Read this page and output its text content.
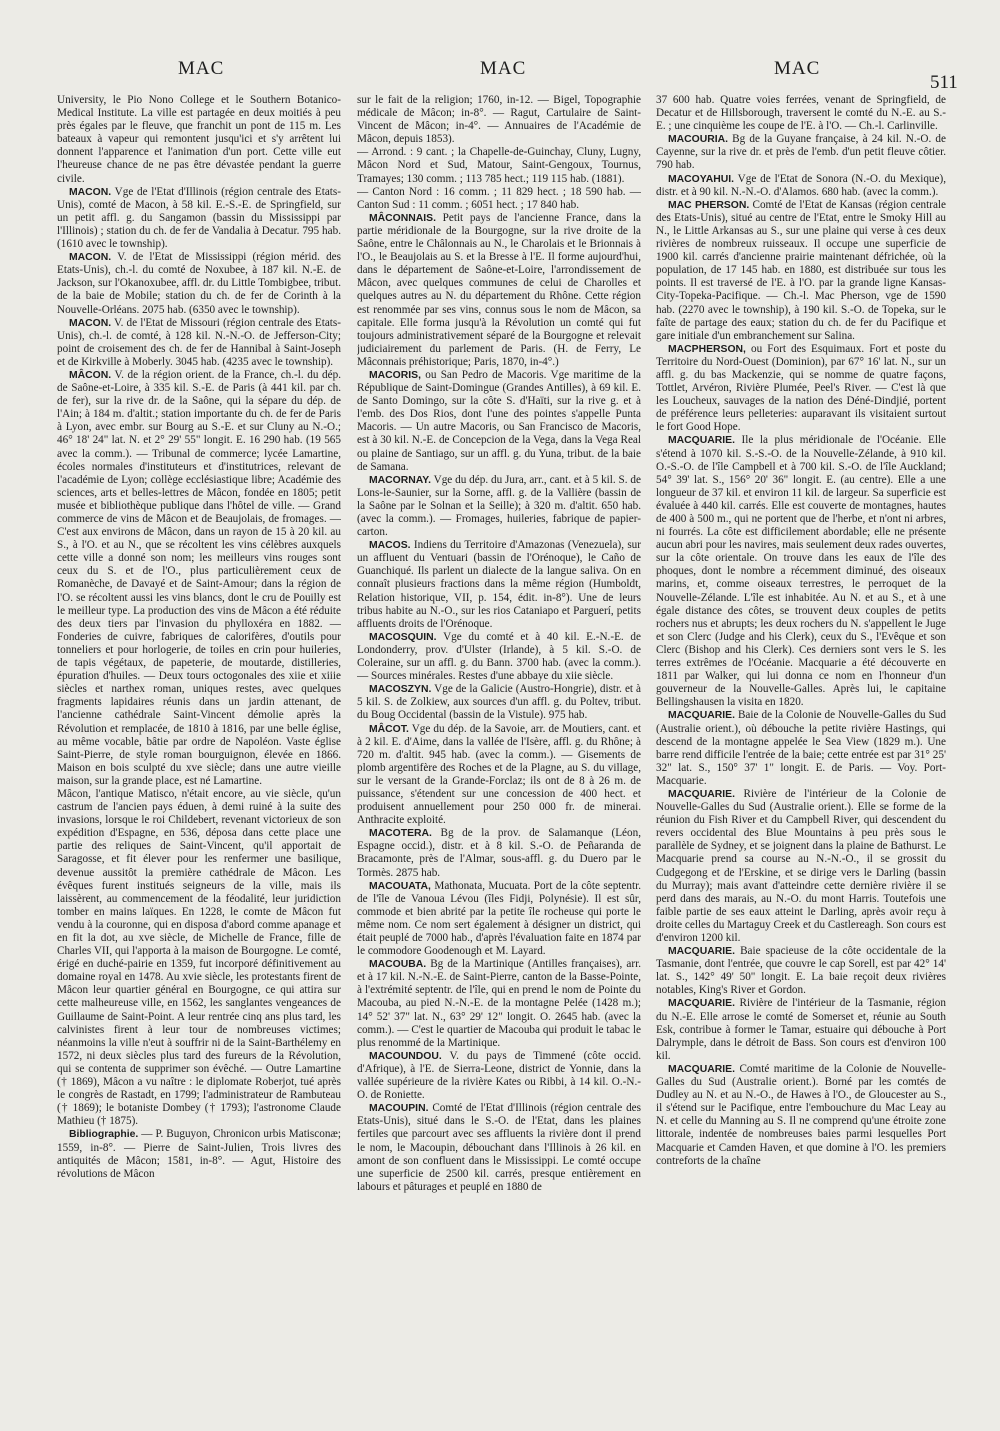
MAC	MAC	MAC
511

University, le Pio Nono College et le Southern Botanico-Medical Institute. La ville est partagée en deux moitiés à peu près égales par le fleuve, que franchit un pont de 115 m. Les bateaux à vapeur qui remontent jusqu'ici et s'y arrêtent lui donnent l'apparence et l'animation d'un port. Cette ville eut l'heureuse chance de ne pas être dévastée pendant la guerre civile.

MACON. Vge de l'Etat d'Illinois (région centrale des Etats-Unis), comté de Macon, à 58 kil. E.-S.-E. de Springfield, sur un petit affl. g. du Sangamon (bassin du Mississippi par l'Illinois) ; station du ch. de fer de Vandalia à Decatur. 795 hab. (1610 avec le township).

MACON. V. de l'Etat de Mississippi (région mérid. des Etats-Unis), ch.-l. du comté de Noxubee, à 187 kil. N.-E. de Jackson, sur l'Okanoxubee, affl. dr. du Little Tombigbee, tribut. de la baie de Mobile; station du ch. de fer de Corinth à la Nouvelle-Orléans. 2075 hab. (6350 avec le township).

MACON. V. de l'Etat de Missouri (région centrale des Etats-Unis), ch.-l. de comté, à 128 kil. N.-N.-O. de Jefferson-City; point de croisement des ch. de fer de Hannibal à Saint-Joseph et de Kirkville à Moberly. 3045 hab. (4235 avec le township).

MÂCON. V. de la région orient. de la France, ch.-l. du dép. de Saône-et-Loire, à 335 kil. S.-E. de Paris (à 441 kil. par ch. de fer), sur la rive dr. de la Saône, qui la sépare du dép. de l'Ain; à 184 m. d'altit.; station importante du ch. de fer de Paris à Lyon, avec embr. sur Bourg au S.-E. et sur Cluny au N.-O.; 46° 18' 24" lat. N. et 2° 29' 55" longit. E. 16 290 hab. (19 565 avec la comm.). — Tribunal de commerce; lycée Lamartine, écoles normales d'instituteurs et d'institutrices, relevant de l'académie de Lyon; collège ecclésiastique libre; Académie des sciences, arts et belles-lettres de Mâcon, fondée en 1805; petit musée et bibliothèque publique dans l'hôtel de ville. — Grand commerce de vins de Mâcon et de Beaujolais, de fromages. — C'est aux environs de Mâcon, dans un rayon de 15 à 20 kil. au S., à l'O. et au N., que se récoltent les vins célèbres auxquels cette ville a donné son nom; les meilleurs vins rouges sont ceux du S. et de l'O., plus particulièrement ceux de Romanèche, de Davayé et de Saint-Amour; dans la région de l'O. se récoltent aussi les vins blancs, dont le cru de Pouilly est le meilleur type. La production des vins de Mâcon a été réduite des deux tiers par l'invasion du phylloxéra en 1882. — Fonderies de cuivre, fabriques de calorifères, d'outils pour tonneliers et pour horlogerie, de toiles en crin pour huileries, de tapis végétaux, de papeterie, de moutarde, distilleries, épuration d'huiles. — Deux tours octogonales des xiie et xiiie siècles et narthex roman, uniques restes, avec quelques fragments lapidaires réunis dans un jardin attenant, de l'ancienne cathédrale Saint-Vincent démolie après la Révolution et remplacée, de 1810 à 1816, par une belle église, au même vocable, bâtie par ordre de Napoléon. Vaste église Saint-Pierre, de style roman bourguignon, élevée en 1866. Maison en bois sculpté du xve siècle; dans une autre vieille maison, sur la grande place, est né Lamartine.

Mâcon, l'antique Matisco, n'était encore, au vie siècle, qu'un castrum de l'ancien pays éduen, à demi ruiné à la suite des invasions, lorsque le roi Childebert, revenant victorieux de son expédition d'Espagne, en 536, déposa dans cette place une partie des reliques de Saint-Vincent, qu'il apportait de Saragosse, et fit élever pour les renfermer une basilique, devenue aussitôt la première cathédrale de Mâcon. Les évêques furent institués seigneurs de la ville, mais ils laissèrent, au commencement de la féodalité, leur juridiction tomber en mains laïques. En 1228, le comte de Mâcon fut vendu à la couronne, qui en disposa d'abord comme apanage et en fit la dot, au xve siècle, de Michelle de France, fille de Charles VII, qui l'apporta à la maison de Bourgogne. Le comté, érigé en duché-pairie en 1359, fut incorporé définitivement au domaine royal en 1478. Au xvie siècle, les protestants firent de Mâcon leur quartier général en Bourgogne, ce qui attira sur cette malheureuse ville, en 1562, les sanglantes vengeances de Guillaume de Saint-Point. A leur rentrée cinq ans plus tard, les calvinistes firent à leur tour de nombreuses victimes; néanmoins la ville n'eut à souffrir ni de la Saint-Barthélemy en 1572, ni deux siècles plus tard des fureurs de la Révolution, qui se contenta de supprimer son évêché. — Outre Lamartine († 1869), Mâcon a vu naître : le diplomate Roberjot, tué après le congrès de Rastadt, en 1799; l'administrateur de Rambuteau († 1869); le botaniste Dombey († 1793); l'astronome Claude Mathieu († 1875).

Bibliographie. — P. Buguyon, Chronicon urbis Matisconæ; 1559, in-8°. — Pierre de Saint-Julien, Trois livres des antiquités de Mâcon; 1581, in-8°. — Agut, Histoire des révolutions de Mâcon

sur le fait de la religion; 1760, in-12. — Bigel, Topographie médicale de Mâcon; in-8°. — Ragut, Cartulaire de Saint-Vincent de Mâcon; in-4°. — Annuaires de l'Académie de Mâcon, depuis 1853).

— Arrond. : 9 cant. ; la Chapelle-de-Guinchay, Cluny, Lugny, Mâcon Nord et Sud, Matour, Saint-Gengoux, Tournus, Tramayes; 130 comm. ; 113 785 hect.; 119 115 hab. (1881).

— Canton Nord : 16 comm. ; 11 829 hect. ; 18 590 hab. — Canton Sud : 11 comm. ; 6051 hect. ; 17 840 hab.

MÂCONNAIS. Petit pays de l'ancienne France, dans la partie méridionale de la Bourgogne, sur la rive droite de la Saône, entre le Châlonnais au N., le Charolais et le Brionnais à l'O., le Beaujolais au S. et la Bresse à l'E. Il forme aujourd'hui, dans le département de Saône-et-Loire, l'arrondissement de Mâcon, avec quelques communes de celui de Charolles et quelques autres au N. du département du Rhône. Cette région est renommée par ses vins, connus sous le nom de Mâcon, sa capitale. Elle forma jusqu'à la Révolution un comté qui fut toujours administrativement séparé de la Bourgogne et relevait judiciairement du parlement de Paris. (H. de Ferry, Le Mâconnais préhistorique; Paris, 1870, in-4°.)

MACORIS, ou San Pedro de Macoris. Vge maritime de la République de Saint-Domingue (Grandes Antilles), à 69 kil. E. de Santo Domingo, sur la côte S. d'Haïti, sur la rive g. et à l'emb. des Dos Rios, dont l'une des pointes s'appelle Punta Macoris. — Un autre Macoris, ou San Francisco de Macoris, est à 30 kil. N.-E. de Concepcion de la Vega, dans la Vega Real ou plaine de Santiago, sur un affl. g. du Yuna, tribut. de la baie de Samana.

MACORNAY. Vge du dép. du Jura, arr., cant. et à 5 kil. S. de Lons-le-Saunier, sur la Sorne, affl. g. de la Vallière (bassin de la Saône par le Solnan et la Seille); à 320 m. d'altit. 650 hab. (avec la comm.). — Fromages, huileries, fabrique de papier-carton.

MACOS. Indiens du Territoire d'Amazonas (Venezuela), sur un affluent du Ventuari (bassin de l'Orénoque), le Caño de Guanchiqué. Ils parlent un dialecte de la langue saliva. On en connaît plusieurs fractions dans la même région (Humboldt, Relation historique, VII, p. 154, édit. in-8°). Une de leurs tribus habite au N.-O., sur les rios Cataniapo et Parguerí, petits affluents droits de l'Orénoque.

MACOSQUIN. Vge du comté et à 40 kil. E.-N.-E. de Londonderry, prov. d'Ulster (Irlande), à 5 kil. S.-O. de Coleraine, sur un affl. g. du Bann. 3700 hab. (avec la comm.). — Sources minérales. Restes d'une abbaye du xiie siècle.

MACOSZYN. Vge de la Galicie (Austro-Hongrie), distr. et à 5 kil. S. de Zolkiew, aux sources d'un affl. g. du Poltev, tribut. du Boug Occidental (bassin de la Vistule). 975 hab.

MÂCOT. Vge du dép. de la Savoie, arr. de Moutiers, cant. et à 2 kil. E. d'Aime, dans la vallée de l'Isère, affl. g. du Rhône; à 720 m. d'altit. 945 hab. (avec la comm.). — Gisements de plomb argentifère des Roches et de la Plagne, au S. du village, sur le versant de la Grande-Forclaz; ils ont de 8 à 26 m. de puissance, s'étendent sur une concession de 400 hect. et produisent annuellement pour 250 000 fr. de minerai. Anthracite exploité.

MACOTERA. Bg de la prov. de Salamanque (Léon, Espagne occid.), distr. et à 8 kil. S.-O. de Peñaranda de Bracamonte, près de l'Almar, sous-affl. g. du Duero par le Tormès. 2875 hab.

MACOUATA, Mathonata, Mucuata. Port de la côte septentr. de l'île de Vanoua Lévou (îles Fidji, Polynésie). Il est sûr, commode et bien abrité par la petite île rocheuse qui porte le même nom. Ce nom sert également à désigner un district, qui était peuplé de 7000 hab., d'après l'évaluation faite en 1874 par le commodore Goodenough et M. Layard.

MACOUBA. Bg de la Martinique (Antilles françaises), arr. et à 17 kil. N.-N.-E. de Saint-Pierre, canton de la Basse-Pointe, à l'extrémité septentr. de l'île, qui en prend le nom de Pointe du Macouba, au pied N.-N.-E. de la montagne Pelée (1428 m.); 14° 52' 37" lat. N., 63° 29' 12" longit. O. 2645 hab. (avec la comm.). — C'est le quartier de Macouba qui produit le tabac le plus renommé de la Martinique.

MACOUNDOU. V. du pays de Timmené (côte occid. d'Afrique), à l'E. de Sierra-Leone, district de Yonnie, dans la vallée supérieure de la rivière Kates ou Ribbi, à 14 kil. O.-N.-O. de Roniette.

MACOUPIN. Comté de l'Etat d'Illinois (région centrale des Etats-Unis), situé dans le S.-O. de l'Etat, dans les plaines fertiles que parcourt avec ses affluents la rivière dont il prend le nom, le Macoupin, débouchant dans l'Illinois à 26 kil. en amont de son confluent dans le Mississippi. Le comté occupe une superficie de 2500 kil. carrés, presque entièrement en labours et pâturages et peuplé en 1880 de

37 600 hab. Quatre voies ferrées, venant de Springfield, de Decatur et de Hillsborough, traversent le comté du N.-E. au S.-E. ; une cinquième les coupe de l'E. à l'O. — Ch.-l. Carlinville.

MACOURIA. Bg de la Guyane française, à 24 kil. N.-O. de Cayenne, sur la rive dr. et près de l'emb. d'un petit fleuve côtier. 790 hab.

MACOYAHUI. Vge de l'Etat de Sonora (N.-O. du Mexique), distr. et à 90 kil. N.-N.-O. d'Alamos. 680 hab. (avec la comm.).

MAC PHERSON. Comté de l'Etat de Kansas (région centrale des Etats-Unis), situé au centre de l'Etat, entre le Smoky Hill au N., le Little Arkansas au S., sur une plaine qui verse à ces deux rivières de nombreux ruisseaux. Il occupe une superficie de 1900 kil. carrés d'ancienne prairie maintenant défrichée, où la population, de 17 145 hab. en 1880, est distribuée sur tous les points. Il est traversé de l'E. à l'O. par la grande ligne Kansas-City-Topeka-Pacifique. — Ch.-l. Mac Pherson, vge de 1590 hab. (2270 avec le township), à 190 kil. S.-O. de Topeka, sur le faîte de partage des eaux; station du ch. de fer du Pacifique et gare initiale d'un embranchement sur Salina.

MACPHERSON, ou Fort des Esquimaux. Fort et poste du Territoire du Nord-Ouest (Dominion), par 67° 16' lat. N., sur un affl. g. du bas Mackenzie, qui se nomme de quatre façons, Tottlet, Arvéron, Rivière Plumée, Peel's River. — C'est là que les Loucheux, sauvages de la nation des Déné-Dindjié, portent de préférence leurs pelleteries: auparavant ils visitaient surtout le fort Good Hope.

MACQUARIE. Ile la plus méridionale de l'Océanie. Elle s'étend à 1070 kil. S.-S.-O. de la Nouvelle-Zélande, à 910 kil. O.-S.-O. de l'île Campbell et à 700 kil. S.-O. de l'île Auckland; 54° 39' lat. S., 156° 20' 36" longit. E. (au centre). Elle a une longueur de 37 kil. et environ 11 kil. de largeur. Sa superficie est évaluée à 440 kil. carrés. Elle est couverte de montagnes, hautes de 400 à 500 m., qui ne portent que de l'herbe, et n'ont ni arbres, ni fourrés. La côte est difficilement abordable; elle ne présente aucun abri pour les navires, mais seulement deux rades ouvertes, sur la côte orientale. On trouve dans les eaux de l'île des phoques, dont le nombre a récemment diminué, des oiseaux marins, et, comme oiseaux terrestres, le perroquet de la Nouvelle-Zélande. L'île est inhabitée. Au N. et au S., et à une égale distance des côtes, se trouvent deux couples de petits rochers nus et abrupts; les deux rochers du N. s'appellent le Juge et son Clerc (Judge and his Clerk), ceux du S., l'Evêque et son Clerc (Bishop and his Clerk). Ces derniers sont vers le S. les terres extrêmes de l'Océanie. Macquarie a été découverte en 1811 par Walker, qui lui donna ce nom en l'honneur d'un gouverneur de la Nouvelle-Galles. Après lui, le capitaine Bellingshausen la visita en 1820.

MACQUARIE. Baie de la Colonie de Nouvelle-Galles du Sud (Australie orient.), où débouche la petite rivière Hastings, qui descend de la montagne appelée le Sea View (1829 m.). Une barre rend difficile l'entrée de la baie; cette entrée est par 31° 25' 32" lat. S., 150° 37' 1" longit. E. de Paris. — Voy. Port-Macquarie.

MACQUARIE. Rivière de l'intérieur de la Colonie de Nouvelle-Galles du Sud (Australie orient.). Elle se forme de la réunion du Fish River et du Campbell River, qui descendent du revers occidental des Blue Mountains à peu près sous le parallèle de Sydney, et se joignent dans la plaine de Bathurst. Le Macquarie prend sa course au N.-N.-O., il se grossit du Cudgegong et de l'Erskine, et se dirige vers le Darling (bassin du Murray); mais avant d'atteindre cette dernière rivière il se perd dans des marais, au N.-O. du mont Harris. Toutefois une faible partie de ses eaux atteint le Darling, après avoir reçu à droite celles du Martaguy Creek et du Castlereagh. Son cours est d'environ 1200 kil.

MACQUARIE. Baie spacieuse de la côte occidentale de la Tasmanie, dont l'entrée, que couvre le cap Sorell, est par 42° 14' lat. S., 142° 49' 50" longit. E. La baie reçoit deux rivières notables, King's River et Gordon.

MACQUARIE. Rivière de l'intérieur de la Tasmanie, région du N.-E. Elle arrose le comté de Somerset et, réunie au South Esk, contribue à former le Tamar, estuaire qui débouche à Port Dalrymple, dans le détroit de Bass. Son cours est d'environ 100 kil.

MACQUARIE. Comté maritime de la Colonie de Nouvelle-Galles du Sud (Australie orient.). Borné par les comtés de Dudley au N. et au N.-O., de Hawes à l'O., de Gloucester au S., il s'étend sur le Pacifique, entre l'embouchure du Mac Leay au N. et celle du Manning au S. Il ne comprend qu'une étroite zone littorale, indentée de nombreuses baies parmi lesquelles Port Macquarie et Camden Haven, et que domine à l'O. les premiers contreforts de la chaîne
